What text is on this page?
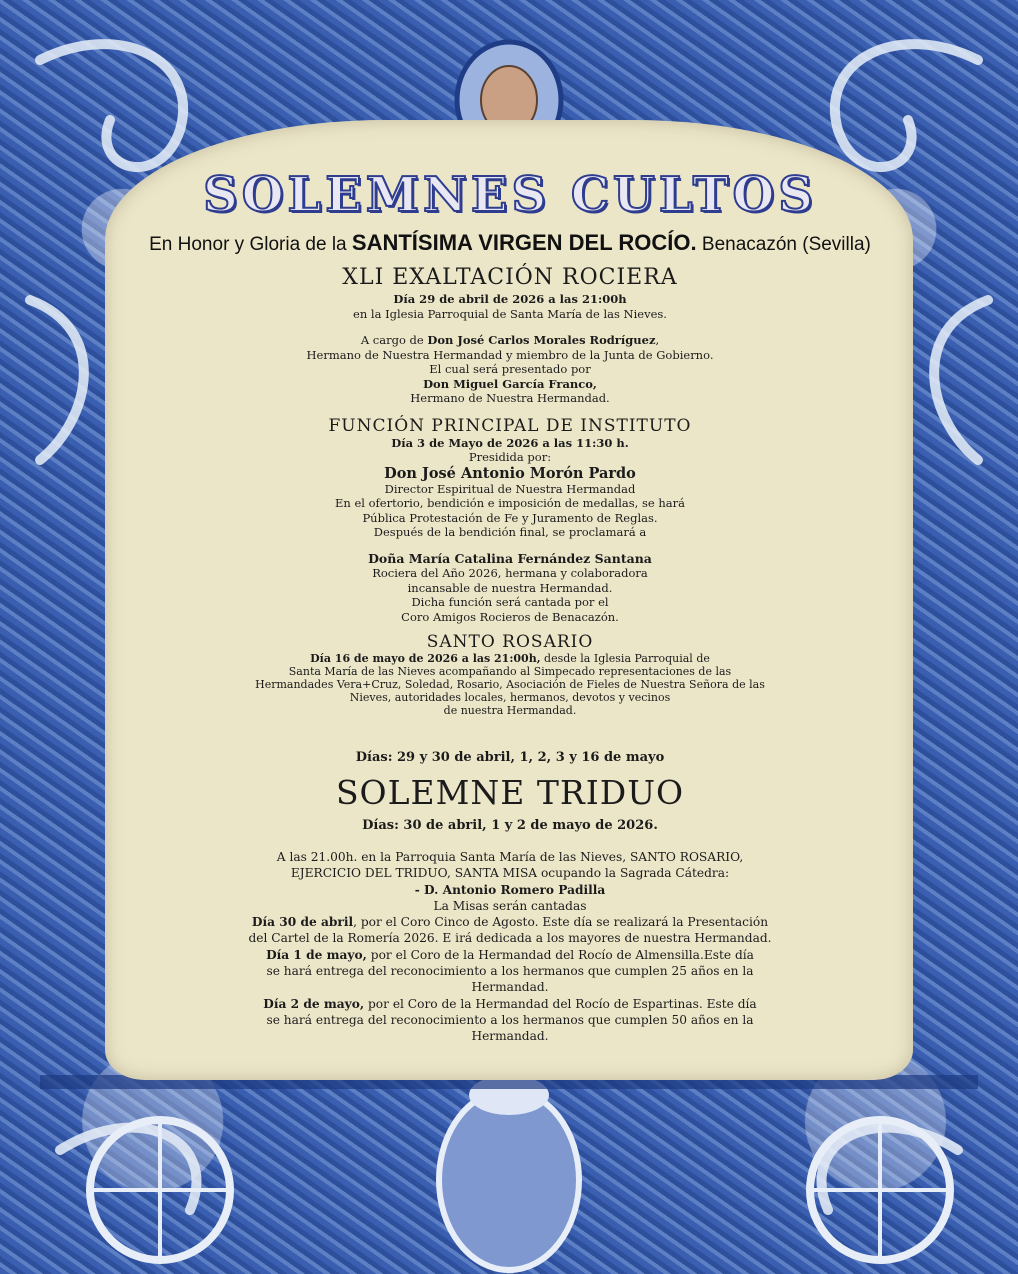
SOLEMNES CULTOS
En Honor y Gloria de la SANTÍSIMA VIRGEN DEL ROCÍO. Benacazón (Sevilla)
XLI EXALTACIÓN ROCIERA

Día 29 de abril de 2026 a las 21:00h

en la Iglesia Parroquial de Santa María de las Nieves.

A cargo de Don José Carlos Morales Rodríguez,

Hermano de Nuestra Hermandad y miembro de la Junta de Gobierno.

El cual será presentado por

Don Miguel García Franco,

Hermano de Nuestra Hermandad.

FUNCIÓN PRINCIPAL DE INSTITUTO

Día 3 de Mayo de 2026 a las 11:30 h.

Presidida por:

Don José Antonio Morón Pardo

Director Espiritual de Nuestra Hermandad

En el ofertorio, bendición e imposición de medallas, se hará

Pública Protestación de Fe y Juramento de Reglas.

Después de la bendición final, se proclamará a

Doña María Catalina Fernández Santana

Rociera del Año 2026, hermana y colaboradora

incansable de nuestra Hermandad.

Dicha función será cantada por el

Coro Amigos Rocieros de Benacazón.

SANTO ROSARIO

Día 16 de mayo de 2026 a las 21:00h, desde la Iglesia Parroquial de

Santa María de las Nieves acompañando al Simpecado representaciones de las

Hermandades Vera+Cruz, Soledad, Rosario, Asociación de Fieles de Nuestra Señora de las

Nieves, autoridades locales, hermanos, devotos y vecinos

de nuestra Hermandad.

Días: 29 y 30 de abril, 1, 2, 3 y 16 de mayo
SOLEMNE TRIDUO
Días: 30 de abril, 1 y 2 de mayo de 2026.

A las 21.00h. en la Parroquia Santa María de las Nieves, SANTO ROSARIO,

EJERCICIO DEL TRIDUO, SANTA MISA ocupando la Sagrada Cátedra:

- D. Antonio Romero Padilla

La Misas serán cantadas

Día 30 de abril, por el Coro Cinco de Agosto. Este día se realizará la Presentación

del Cartel de la Romería 2026. E irá dedicada a los mayores de nuestra Hermandad.

Día 1 de mayo, por el Coro de la Hermandad del Rocío de Almensilla.Este día

se hará entrega del reconocimiento a los hermanos que cumplen 25 años en la

Hermandad.

Día 2 de mayo, por el Coro de la Hermandad del Rocío de Espartinas. Este día

se hará entrega del reconocimiento a los hermanos que cumplen 50 años en la

Hermandad.
